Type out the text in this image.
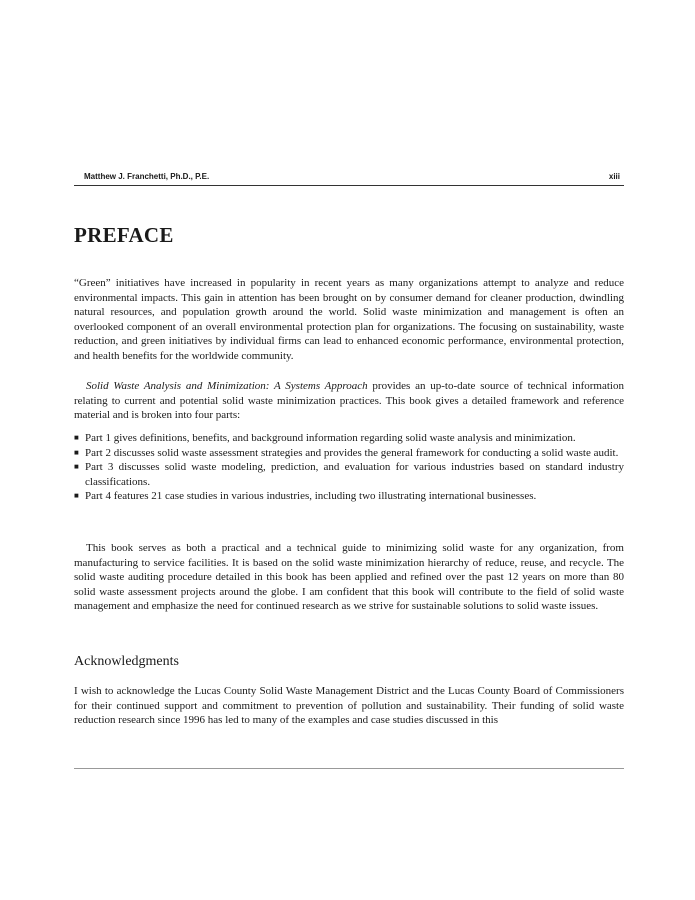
Matthew J. Franchetti, Ph.D., P.E.	xiii
PREFACE

“Green” initiatives have increased in popularity in recent years as many organizations attempt to analyze and reduce environmental impacts. This gain in attention has been brought on by consumer demand for cleaner production, dwindling natural resources, and population growth around the world. Solid waste minimization and management is often an overlooked component of an overall environmental protection plan for organizations. The focusing on sustainability, waste reduction, and green initiatives by individual firms can lead to enhanced economic performance, environmental protection, and health benefits for the worldwide community.

Solid Waste Analysis and Minimization: A Systems Approach provides an up-to-date source of technical information relating to current and potential solid waste minimization practices. This book gives a detailed framework and reference material and is broken into four parts:

■ Part 1 gives definitions, benefits, and background information regarding solid waste analysis and minimization.
■ Part 2 discusses solid waste assessment strategies and provides the general framework for conducting a solid waste audit.
■ Part 3 discusses solid waste modeling, prediction, and evaluation for various industries based on standard industry classifications.
■ Part 4 features 21 case studies in various industries, including two illustrating international businesses.

This book serves as both a practical and a technical guide to minimizing solid waste for any organization, from manufacturing to service facilities. It is based on the solid waste minimization hierarchy of reduce, reuse, and recycle. The solid waste auditing procedure detailed in this book has been applied and refined over the past 12 years on more than 80 solid waste assessment projects around the globe. I am confident that this book will contribute to the field of solid waste management and emphasize the need for continued research as we strive for sustainable solutions to solid waste issues.

Acknowledgments

I wish to acknowledge the Lucas County Solid Waste Management District and the Lucas County Board of Commissioners for their continued support and commitment to prevention of pollution and sustainability. Their funding of solid waste reduction research since 1996 has led to many of the examples and case studies discussed in this
